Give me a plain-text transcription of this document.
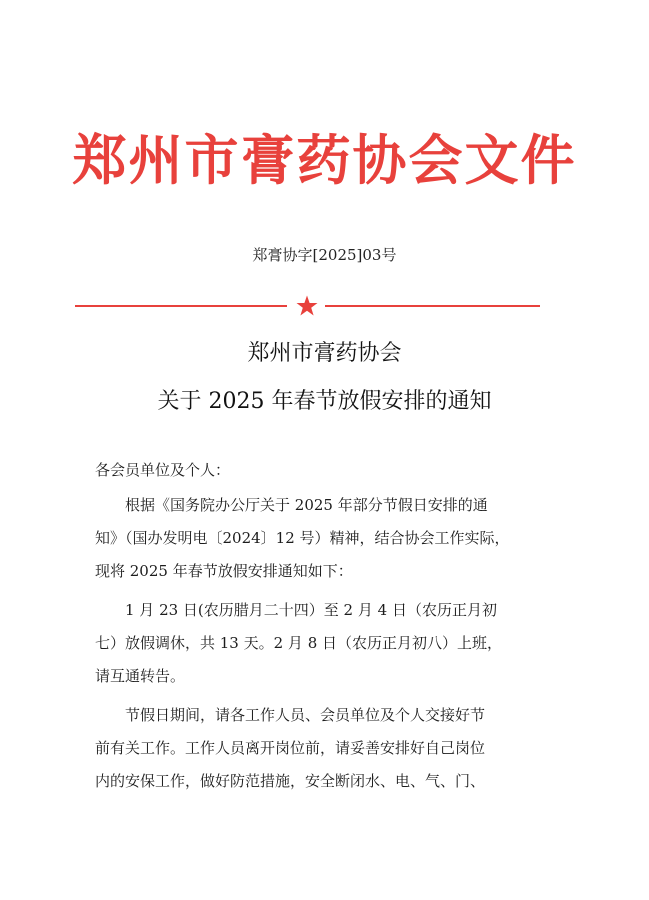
郑州市膏药协会文件
郑膏协字[2025]03号
郑州市膏药协会
关于 2025 年春节放假安排的通知

各会员单位及个人：

根据《国务院办公厅关于 2025 年部分节假日安排的通
知》（国办发明电〔2024〕12 号）精神，结合协会工作实际，
现将 2025 年春节放假安排通知如下：
1 月 23 日(农历腊月二十四）至 2 月 4 日（农历正月初
七）放假调休，共 13 天。2 月 8 日（农历正月初八）上班，
请互通转告。
节假日期间，请各工作人员、会员单位及个人交接好节
前有关工作。工作人员离开岗位前，请妥善安排好自己岗位
内的安保工作，做好防范措施，安全断闭水、电、气、门、
